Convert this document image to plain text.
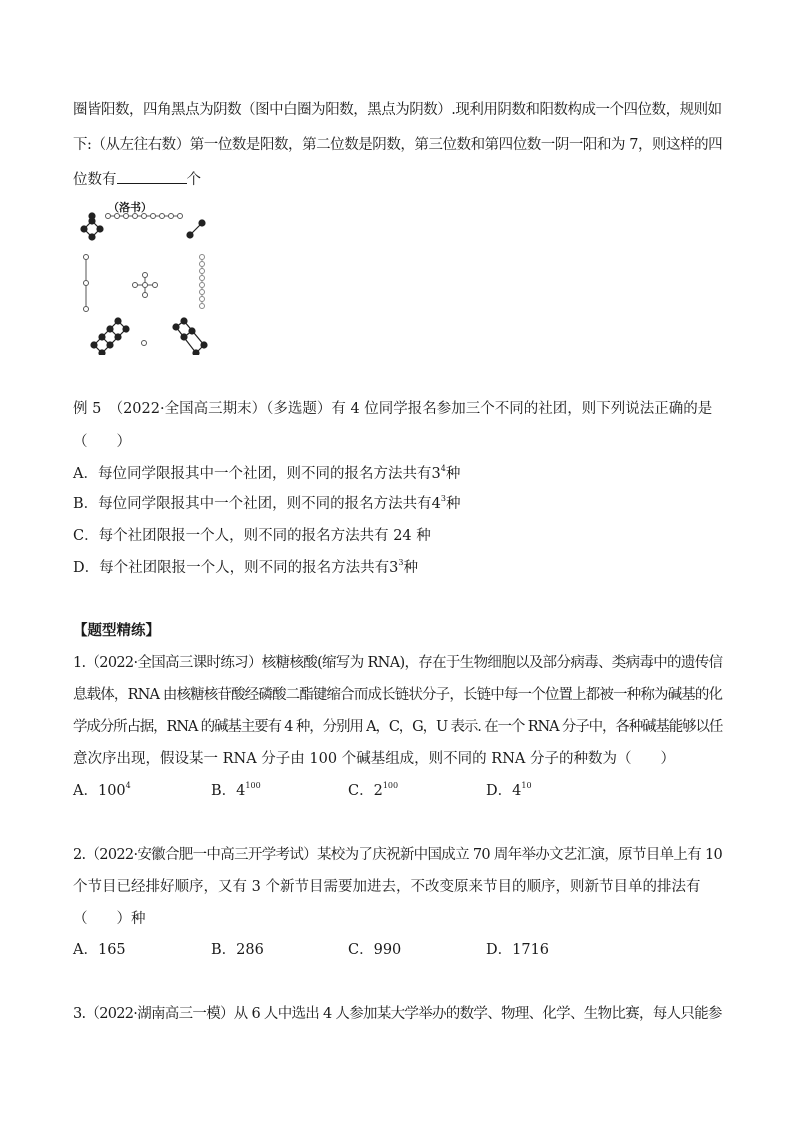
圈皆阳数，四角黑点为阴数（图中白圈为阳数，黑点为阴数）.现利用阴数和阳数构成一个四位数，规则如
下:（从左往右数）第一位数是阳数，第二位数是阴数，第三位数和第四位数一阴一阳和为 7，则这样的四
位数有	个
（洛书）
例 5　（2022·全国高三期末）（多选题）有 4 位同学报名参加三个不同的社团，则下列说法正确的是
（　　）
A．每位同学限报其中一个社团，则不同的报名方法共有$3^4$种
B．每位同学限报其中一个社团，则不同的报名方法共有$4^3$种
C．每个社团限报一个人，则不同的报名方法共有 24 种
D．每个社团限报一个人，则不同的报名方法共有$3^3$种
【题型精练】
1.（2022·全国高三课时练习）核糖核酸(缩写为 RNA)，存在于生物细胞以及部分病毒、类病毒中的遗传信
息载体，RNA 由核糖核苷酸经磷酸二酯键缩合而成长链状分子，长链中每一个位置上都被一种称为碱基的化
学成分所占据，RNA 的碱基主要有 4 种，分别用 A，C，G，U 表示. 在一个 RNA 分子中，各种碱基能够以任
意次序出现，假设某一 RNA 分子由 100 个碱基组成，则不同的 RNA 分子的种数为（　　）
A．$100^4$	B．$4^{100}$	C．$2^{100}$	D．$4^{10}$
2.（2022·安徽合肥一中高三开学考试）某校为了庆祝新中国成立 70 周年举办文艺汇演，原节目单上有 10
个节目已经排好顺序，又有 3 个新节目需要加进去，不改变原来节目的顺序，则新节目单的排法有
（　　）种
A．165	B．286	C．990	D．1716
3.（2022·湖南高三一模）从 6 人中选出 4 人参加某大学举办的数学、物理、化学、生物比赛，每人只能参
